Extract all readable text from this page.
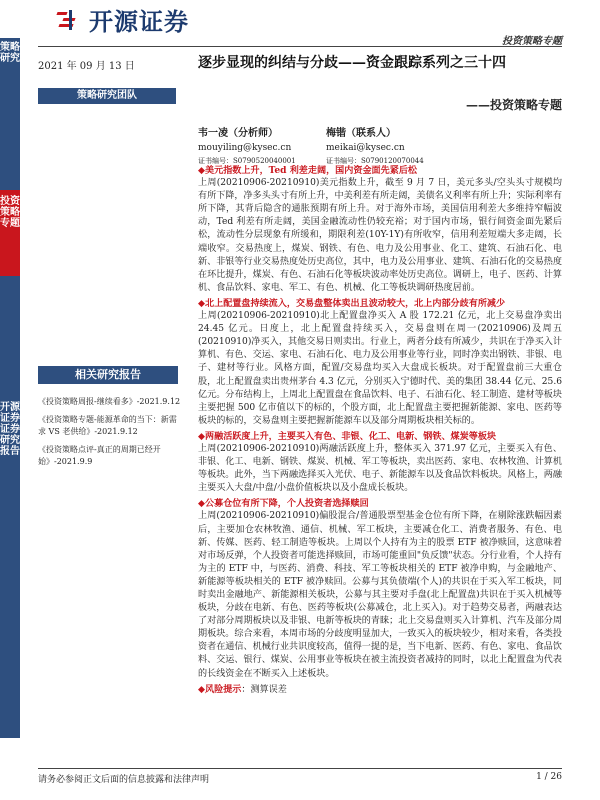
开源证券
投资策略专题
策略研究
投资策略专题
开源证券 证券研究报告
2021 年 09 月 13 日	逐步显现的纠结与分歧——资金跟踪系列之三十四
策略研究团队
——投资策略专题
韦一凌（分析师）
mouyiling@kysec.cn
证书编号：S0790520040001
梅锴（联系人）
meikai@kysec.cn
证书编号：S0790120070044
相关研究报告
《投资策略周报-继续看多》-2021.9.12
《投资策略专题-能源革命的当下：新需求 VS 老供给》-2021.9.12
《投资策略点评-真正的周期已经开始》-2021.9.9

◆ 美元指数上升，Ted 利差走阔，国内资金面先紧后松

上周(20210906-20210910)美元指数上升，截至 9 月 7 日，美元多头/空头头寸规模均有所下降，净多头头寸有所上升，中美利差有所走阔，美债名义利率有所上升；实际利率有所下降，其背后隐含的通胀预期有所上升。对于海外市场，美国信用利差大多维持窄幅波动，Ted 利差有所走阔，美国金融流动性仍较充裕；对于国内市场，银行间资金面先紧后松，流动性分层现象有所缓和，期限利差(10Y-1Y)有所收窄，信用利差短端大多走阔，长端收窄。交易热度上，煤炭、钢铁、有色、电力及公用事业、化工、建筑、石油石化、电新、非银等行业交易热度处历史高位，其中，电力及公用事业、建筑、石油石化的交易热度在环比提升，煤炭、有色、石油石化等板块波动率处历史高位。调研上，电子、医药、计算机、食品饮料、家电、军工、有色、机械、化工等板块调研热度居前。

◆ 北上配置盘持续流入，交易盘整体卖出且波动较大，北上内部分歧有所减少

上周(20210906-20210910)北上配置盘净买入 A 股 172.21 亿元，北上交易盘净卖出 24.45 亿元。日度上，北上配置盘持续买入，交易盘则在周一(20210906)及周五(20210910)净买入，其他交易日则卖出。行业上，两者分歧有所减少，共识在于净买入计算机、有色、交运、家电、石油石化、电力及公用事业等行业，同时净卖出钢铁、非银、电子、建材等行业。风格方面，配置/交易盘均买入大盘成长板块。对于配置盘前三大重仓股，北上配置盘卖出贵州茅台 4.3 亿元，分别买入宁德时代、美的集团 38.44 亿元、25.6 亿元。分布结构上，上周北上配置盘在食品饮料、电子、石油石化、轻工制造、建材等板块主要把握 500 亿市值以下的标的，个股方面，北上配置盘主要把握新能源、家电、医药等板块的标的，交易盘则主要把握新能源车以及部分周期板块相关标的。

◆ 两融活跃度上升，主要买入有色、非银、化工、电新、钢铁、煤炭等板块

上周(20210906-20210910)两融活跃度上升，整体买入 371.97 亿元，主要买入有色、非银、化工、电新、钢铁、煤炭、机械、军工等板块，卖出医药、家电、农林牧渔、计算机等板块。此外，当下两融选择买入光伏、电子、新能源车以及食品饮料板块。风格上，两融主要买入大盘/中盘/小盘价值板块以及小盘成长板块。

◆ 公募仓位有所下降，个人投资者选择赎回

上周(20210906-20210910)偏股混合/普通股票型基金仓位有所下降，在剔除涨跌幅因素后，主要加仓农林牧渔、通信、机械、军工板块，主要减仓化工、消费者服务、有色、电新、传媒、医药、轻工制造等板块。上周以个人持有为主的股票 ETF 被净赎回，这意味着对市场反弹，个人投资者可能选择赎回，市场可能重回"负反馈"状态。分行业看，个人持有为主的 ETF 中，与医药、消费、科技、军工等板块相关的 ETF 被净申购，与金融地产、新能源等板块相关的 ETF 被净赎回。公募与其负债端(个人)的共识在于买入军工板块，同时卖出金融地产、新能源相关板块，公募与其主要对手盘(北上配置盘)共识在于买入机械等板块，分歧在电新、有色、医药等板块(公募减仓，北上买入)。对于趋势交易者，两融表达了对部分周期板块以及非银、电新等板块的青睐；北上交易盘则买入计算机、汽车及部分周期板块。综合来看，本周市场的分歧度明显加大，一致买入的板块较少，相对来看，各类投资者在通信、机械行业共识度较高，值得一提的是，当下电新、医药、有色、家电、食品饮料、交运、银行、煤炭、公用事业等板块在被主流投资者减持的同时，以北上配置盘为代表的长线资金在不断买入上述板块。

◆ 风险提示：测算误差

请务必参阅正文后面的信息披露和法律声明	1 / 26
